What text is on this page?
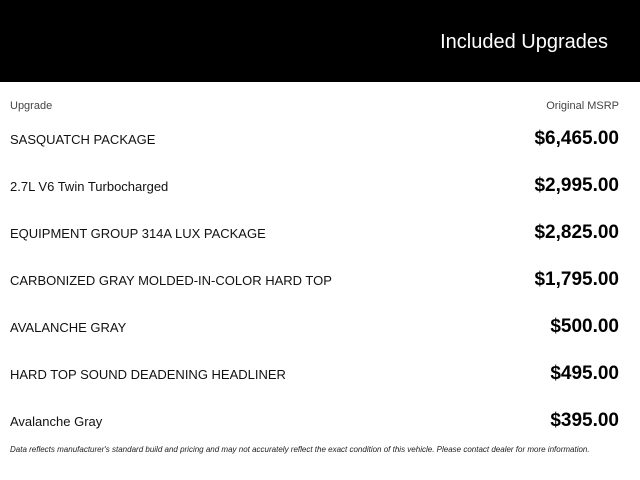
Included Upgrades
Upgrade	Original MSRP
SASQUATCH PACKAGE	$6,465.00
2.7L V6 Twin Turbocharged	$2,995.00
EQUIPMENT GROUP 314A LUX PACKAGE	$2,825.00
CARBONIZED GRAY MOLDED-IN-COLOR HARD TOP	$1,795.00
AVALANCHE GRAY	$500.00
HARD TOP SOUND DEADENING HEADLINER	$495.00
Avalanche Gray	$395.00
Data reflects manufacturer's standard build and pricing and may not accurately reflect the exact condition of this vehicle. Please contact dealer for more information.
